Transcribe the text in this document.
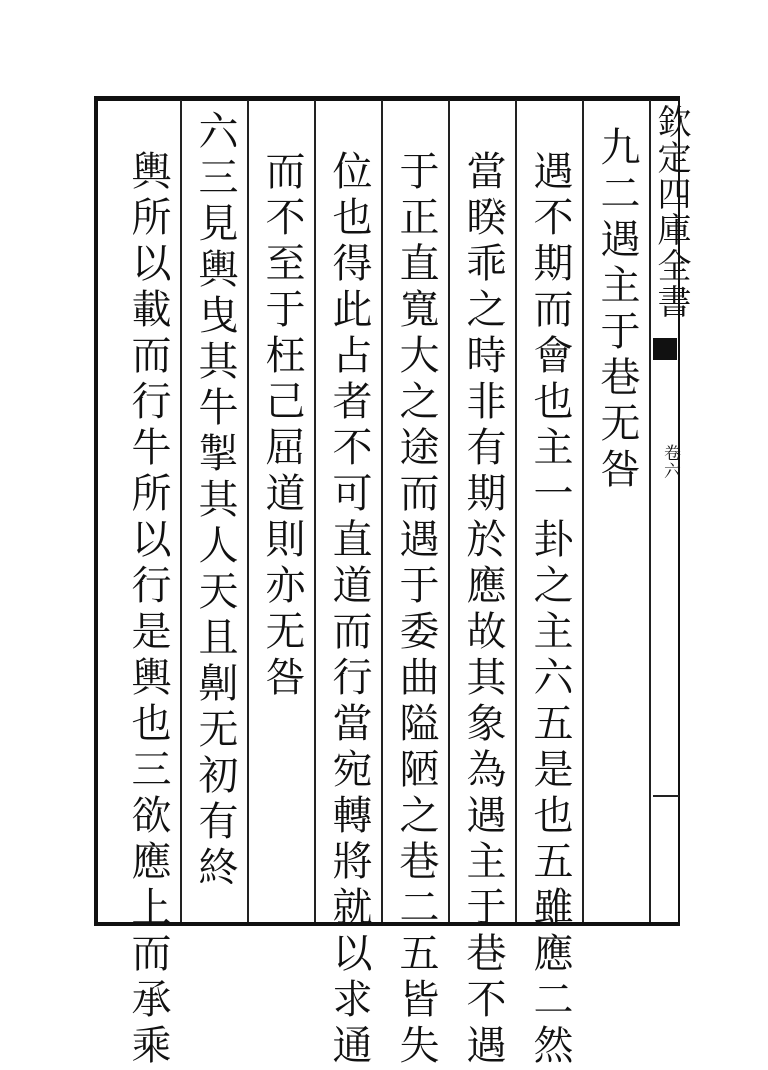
欽定四庫全書
卷六
九二遇主于巷无咎
遇不期而會也主一卦之主六五是也五雖應二然
當睽乖之時非有期於應故其象為遇主于巷不遇
于正直寬大之途而遇于委曲隘陋之巷二五皆失
位也得此占者不可直道而行當宛轉將就以求通
而不至于枉己屈道則亦无咎
六三見輿曳其牛掣其人天且劓无初有終
輿所以載而行牛所以行是輿也三欲應上而承乘
